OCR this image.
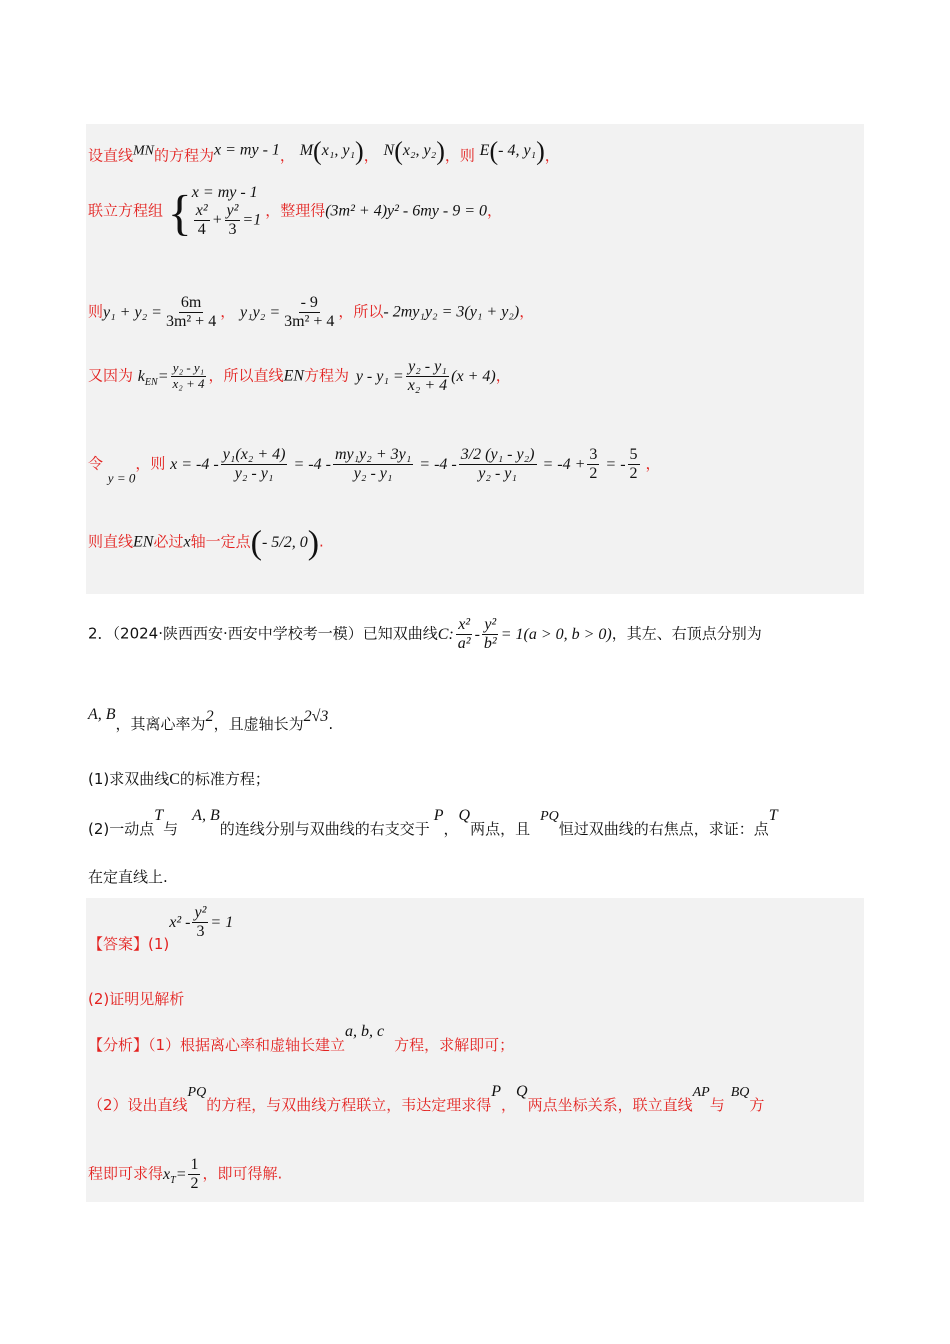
设直线$^{MN}$的方程为x = my - 1， M(x₁, y₁)， N(x₂, y₂)，则 E(- 4, y₁)，
联立方程组 { x = my - 1
$\frac{\text{x²}}{4} + \frac{\text{y²}}{3} =1$
，整理得(3m² + 4)y² - 6my - 9 = 0，
则$y_1 + y_2 = \frac{6m}{\text{3m² + 4}}$ ， $y_1y_2 = \frac{- 9}{\text{3m² + 4}}$ ，所以- 2my₁y₂ = 3(y₁ + y₂)，
又因为 $k_{EN}= \frac{\text{y₂ - y₁}}{\text{x₂ + 4}}$ ，所以直线EN方程为 $y - y_1 = \frac{\text{y₂ - y₁}}{\text{x₂ + 4}} (x + 4)$，
令 y = 0，则 $x = -4 - \frac{\text{y₁(x₂ + 4)}}{\text{y₂ - y₁}} = -4 - \frac{\text{my₁y₂ + 3y₁}}{\text{y₂ - y₁}} = -4 - \frac{\text{3/2 (y₁ - y₂)}}{\text{y₂ - y₁}} = -4 + \frac{3}{2}$ = - $\frac{5}{2}$ ，
则直线EN必过x轴一定点(- 5/2, 0).
2．（2024·陕西西安·西安中学校考一模）已知双曲线C: $\frac{\text{x²}}{\text{a²}} - \frac{\text{y²}}{\text{b²}} = 1(a > 0$, b > 0)，其左、右顶点分别为
A, B，其离心率为2，且虚轴长为2√3.
(1)求双曲线C的标准方程；
(2)一动点T与A, B的连线分别与双曲线的右支交于P，Q两点，且PQ恒过双曲线的右焦点，求证：点T
在定直线上.
【答案】$(1)x^2 - \frac{\text{y²}}{3} = 1$
(2)证明见解析
【分析】（1）根据离心率和虚轴长建立a, b, c方程，求解即可；
（2）设出直线PQ的方程，与双曲线方程联立，韦达定理求得P，Q两点坐标关系，联立直线AP与BQ方
程即可求得$x_T= \frac{1}{2}$ ，即可得解.
